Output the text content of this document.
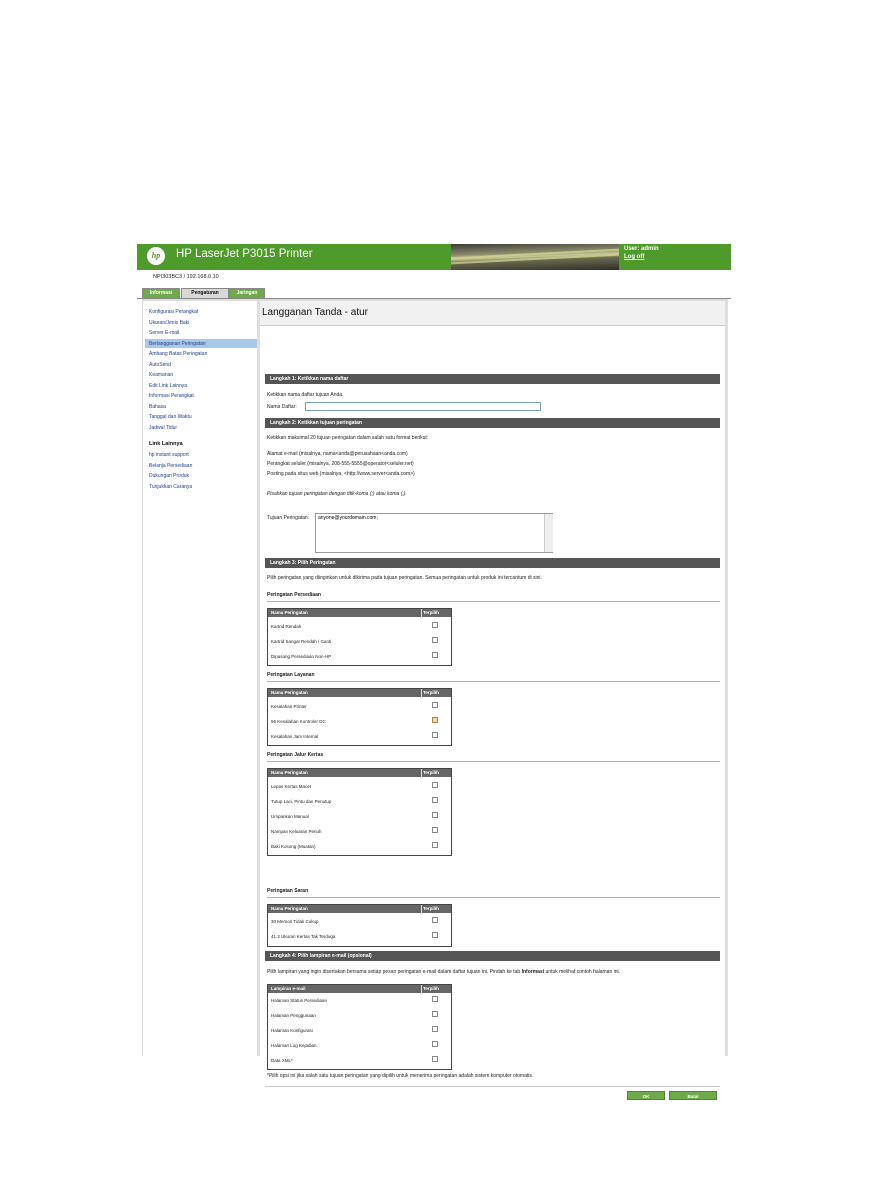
hp	HP LaserJet P3015 Printer	User: admin
Log off
NPI303BC3 / 192.168.0.10
Informasi	Pengaturan	Jaringan
Konfigurasi Perangkat
Ukuran/Jenis Baki
Server E-mail
Berlangganan Peringatan
Ambang Batas Peringatan
AutoSend
Keamanan
Edit Link Lainnya
Informasi Perangkat
Bahasa
Tanggal dan Waktu
Jadwal Tidur
Link Lainnya
hp instant support
Belanja Persediaan
Dukungan Produk
Tunjukkan Caranya
Langganan Tanda - atur
Langkah 1: Ketikkan nama daftar
Ketikkan nama daftar tujuan Anda.
Nama Daftar:
Langkah 2: Ketikkan tujuan peringatan
Ketikkan maksimal 20 tujuan peringatan dalam salah satu format berikut:
Alamat e-mail (misalnya, nama<anda@perusahaan<anda.com)
Perangkat seluler (misalnya, 208-555-5555@operator<seluler.net)
Posting pada situs web (misalnya, <http://www.server<anda.com>)
Pisahkan tujuan peringatan dengan titik-koma (;) atau koma (,).
Tujuan Peringatan:
anyone@yourdomain.com;
Langkah 3: Pilih Peringatan
Pilih peringatan yang diinginkan untuk dikirima pada tujuan peringatan. Semua peringatan untuk produk ini tercantum di sini.
Peringatan Persediaan
Nama Peringatan	Terpilih
Kartrid Rendah
Kartrid Sangat Rendah / Ganti
Dipasang Persediaan Non-HP
Peringatan Layanan
Nama Peringatan	Terpilih
Kesalahan Printer
56 Kesalahan Kontroler DC
Kesalahan Jam Internal
Peringatan Jalur Kertas
Nama Peringatan	Terpilih
Lepas Kertas Macet
Tutup Laci, Pintu dan Penutup
Umpankan Manual
Nampan Keluaran Penuh
Baki Kosong (Muatan)
Peringatan Saran
Nama Peringatan	Terpilih
30 Memori Tidak Cukup
41.3 Ukuran Kertas Tak Terduga
Langkah 4: Pilih lampiran e-mail (opsional)
Pilih lampiran yang ingin disertakan bersama setiap pesan peringatan e-mail dalam daftar tujuan ini. Pindah ke tab Informasi untuk melihat contoh halaman ini.
Lampiran e-mail	Terpilih
Halaman Status Persediaan
Halaman Penggunaan
Halaman Konfigurasi
Halaman Log Kejadian
Data XML*
*Pilih opsi ini jika salah satu tujuan peringatan yang dipilih untuk menerima peringatan adalah sistem komputer otomatis.
OK	Batal
